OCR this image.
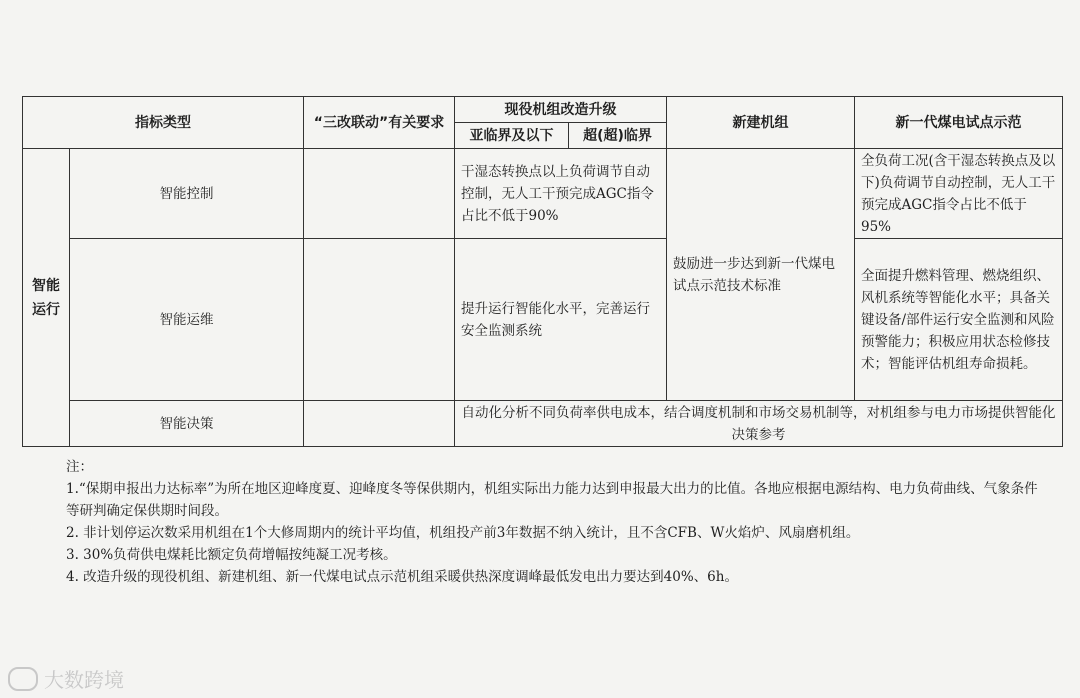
指标类型		“三改联动”有关要求	现役机组改造升级		新建机组	新一代煤电试点示范
			亚临界及以下	超(超)临界		
智能
运行	智能控制		干湿态转换点以上负荷调节自动控制，无人工干预完成AGC指令占比不低于90%		鼓励进一步达到新一代煤电试点示范技术标准	全负荷工况(含干湿态转换点及以下)负荷调节自动控制，无人工干预完成AGC指令占比不低于95%
	智能运维		提升运行智能化水平，完善运行安全监测系统			全面提升燃料管理、燃烧组织、风机系统等智能化水平；具备关键设备/部件运行安全监测和风险预警能力；积极应用状态检修技术；智能评估机组寿命损耗。
	智能决策		自动化分析不同负荷率供电成本，结合调度机制和市场交易机制等，对机组参与电力市场提供智能化决策参考			

注：

1.“保期申报出力达标率”为所在地区迎峰度夏、迎峰度冬等保供期内，机组实际出力能力达到申报最大出力的比值。各地应根据电源结构、电力负荷曲线、气象条件等研判确定保供期时间段。

2. 非计划停运次数采用机组在1个大修周期内的统计平均值，机组投产前3年数据不纳入统计，且不含CFB、W火焰炉、风扇磨机组。

3. 30%负荷供电煤耗比额定负荷增幅按纯凝工况考核。

4. 改造升级的现役机组、新建机组、新一代煤电试点示范机组采暖供热深度调峰最低发电出力要达到40%、6h。

大数跨境
